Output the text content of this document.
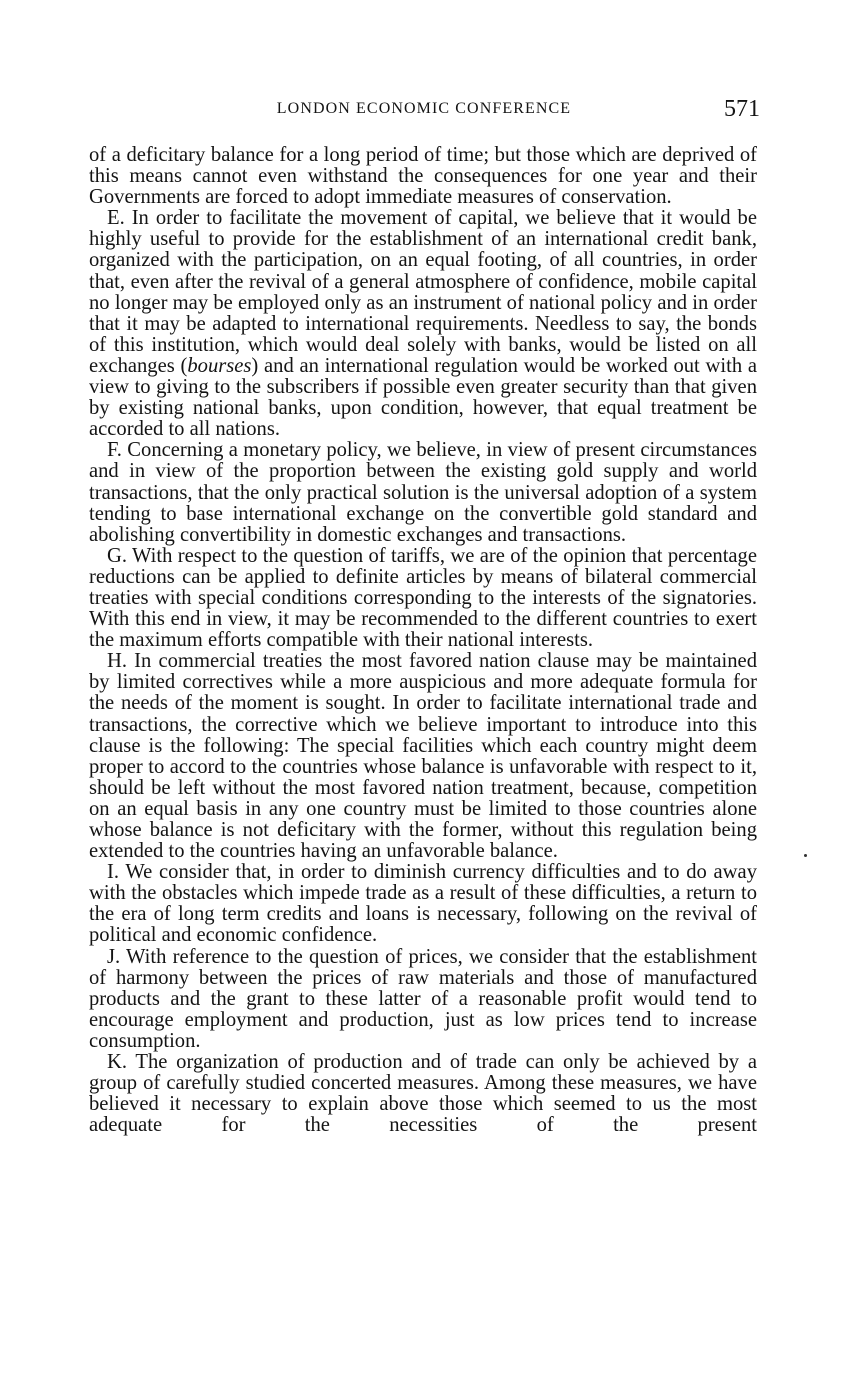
LONDON ECONOMIC CONFERENCE	571

of a deficitary balance for a long period of time; but those which are deprived of this means cannot even withstand the consequences for one year and their Governments are forced to adopt immediate measures of conservation.

E. In order to facilitate the movement of capital, we believe that it would be highly useful to provide for the establishment of an international credit bank, organized with the participation, on an equal footing, of all countries, in order that, even after the revival of a general atmosphere of confidence, mobile capital no longer may be employed only as an instrument of national policy and in order that it may be adapted to international requirements. Needless to say, the bonds of this institution, which would deal solely with banks, would be listed on all exchanges (bourses) and an international regulation would be worked out with a view to giving to the subscribers if possible even greater security than that given by existing national banks, upon condition, however, that equal treatment be accorded to all nations.

F. Concerning a monetary policy, we believe, in view of present circumstances and in view of the proportion between the existing gold supply and world transactions, that the only practical solution is the universal adoption of a system tending to base international exchange on the convertible gold standard and abolishing convertibility in domestic exchanges and transactions.

G. With respect to the question of tariffs, we are of the opinion that percentage reductions can be applied to definite articles by means of bilateral commercial treaties with special conditions corresponding to the interests of the signatories. With this end in view, it may be recommended to the different countries to exert the maximum efforts compatible with their national interests.

H. In commercial treaties the most favored nation clause may be maintained by limited correctives while a more auspicious and more adequate formula for the needs of the moment is sought. In order to facilitate international trade and transactions, the corrective which we believe important to introduce into this clause is the following: The special facilities which each country might deem proper to accord to the countries whose balance is unfavorable with respect to it, should be left without the most favored nation treatment, because, competition on an equal basis in any one country must be limited to those countries alone whose balance is not deficitary with the former, without this regulation being extended to the countries having an unfavorable balance.

I. We consider that, in order to diminish currency difficulties and to do away with the obstacles which impede trade as a result of these difficulties, a return to the era of long term credits and loans is necessary, following on the revival of political and economic confidence.

J. With reference to the question of prices, we consider that the establishment of harmony between the prices of raw materials and those of manufactured products and the grant to these latter of a reasonable profit would tend to encourage employment and production, just as low prices tend to increase consumption.

K. The organization of production and of trade can only be achieved by a group of carefully studied concerted measures. Among these measures, we have believed it necessary to explain above those which seemed to us the most adequate for the necessities of the present
